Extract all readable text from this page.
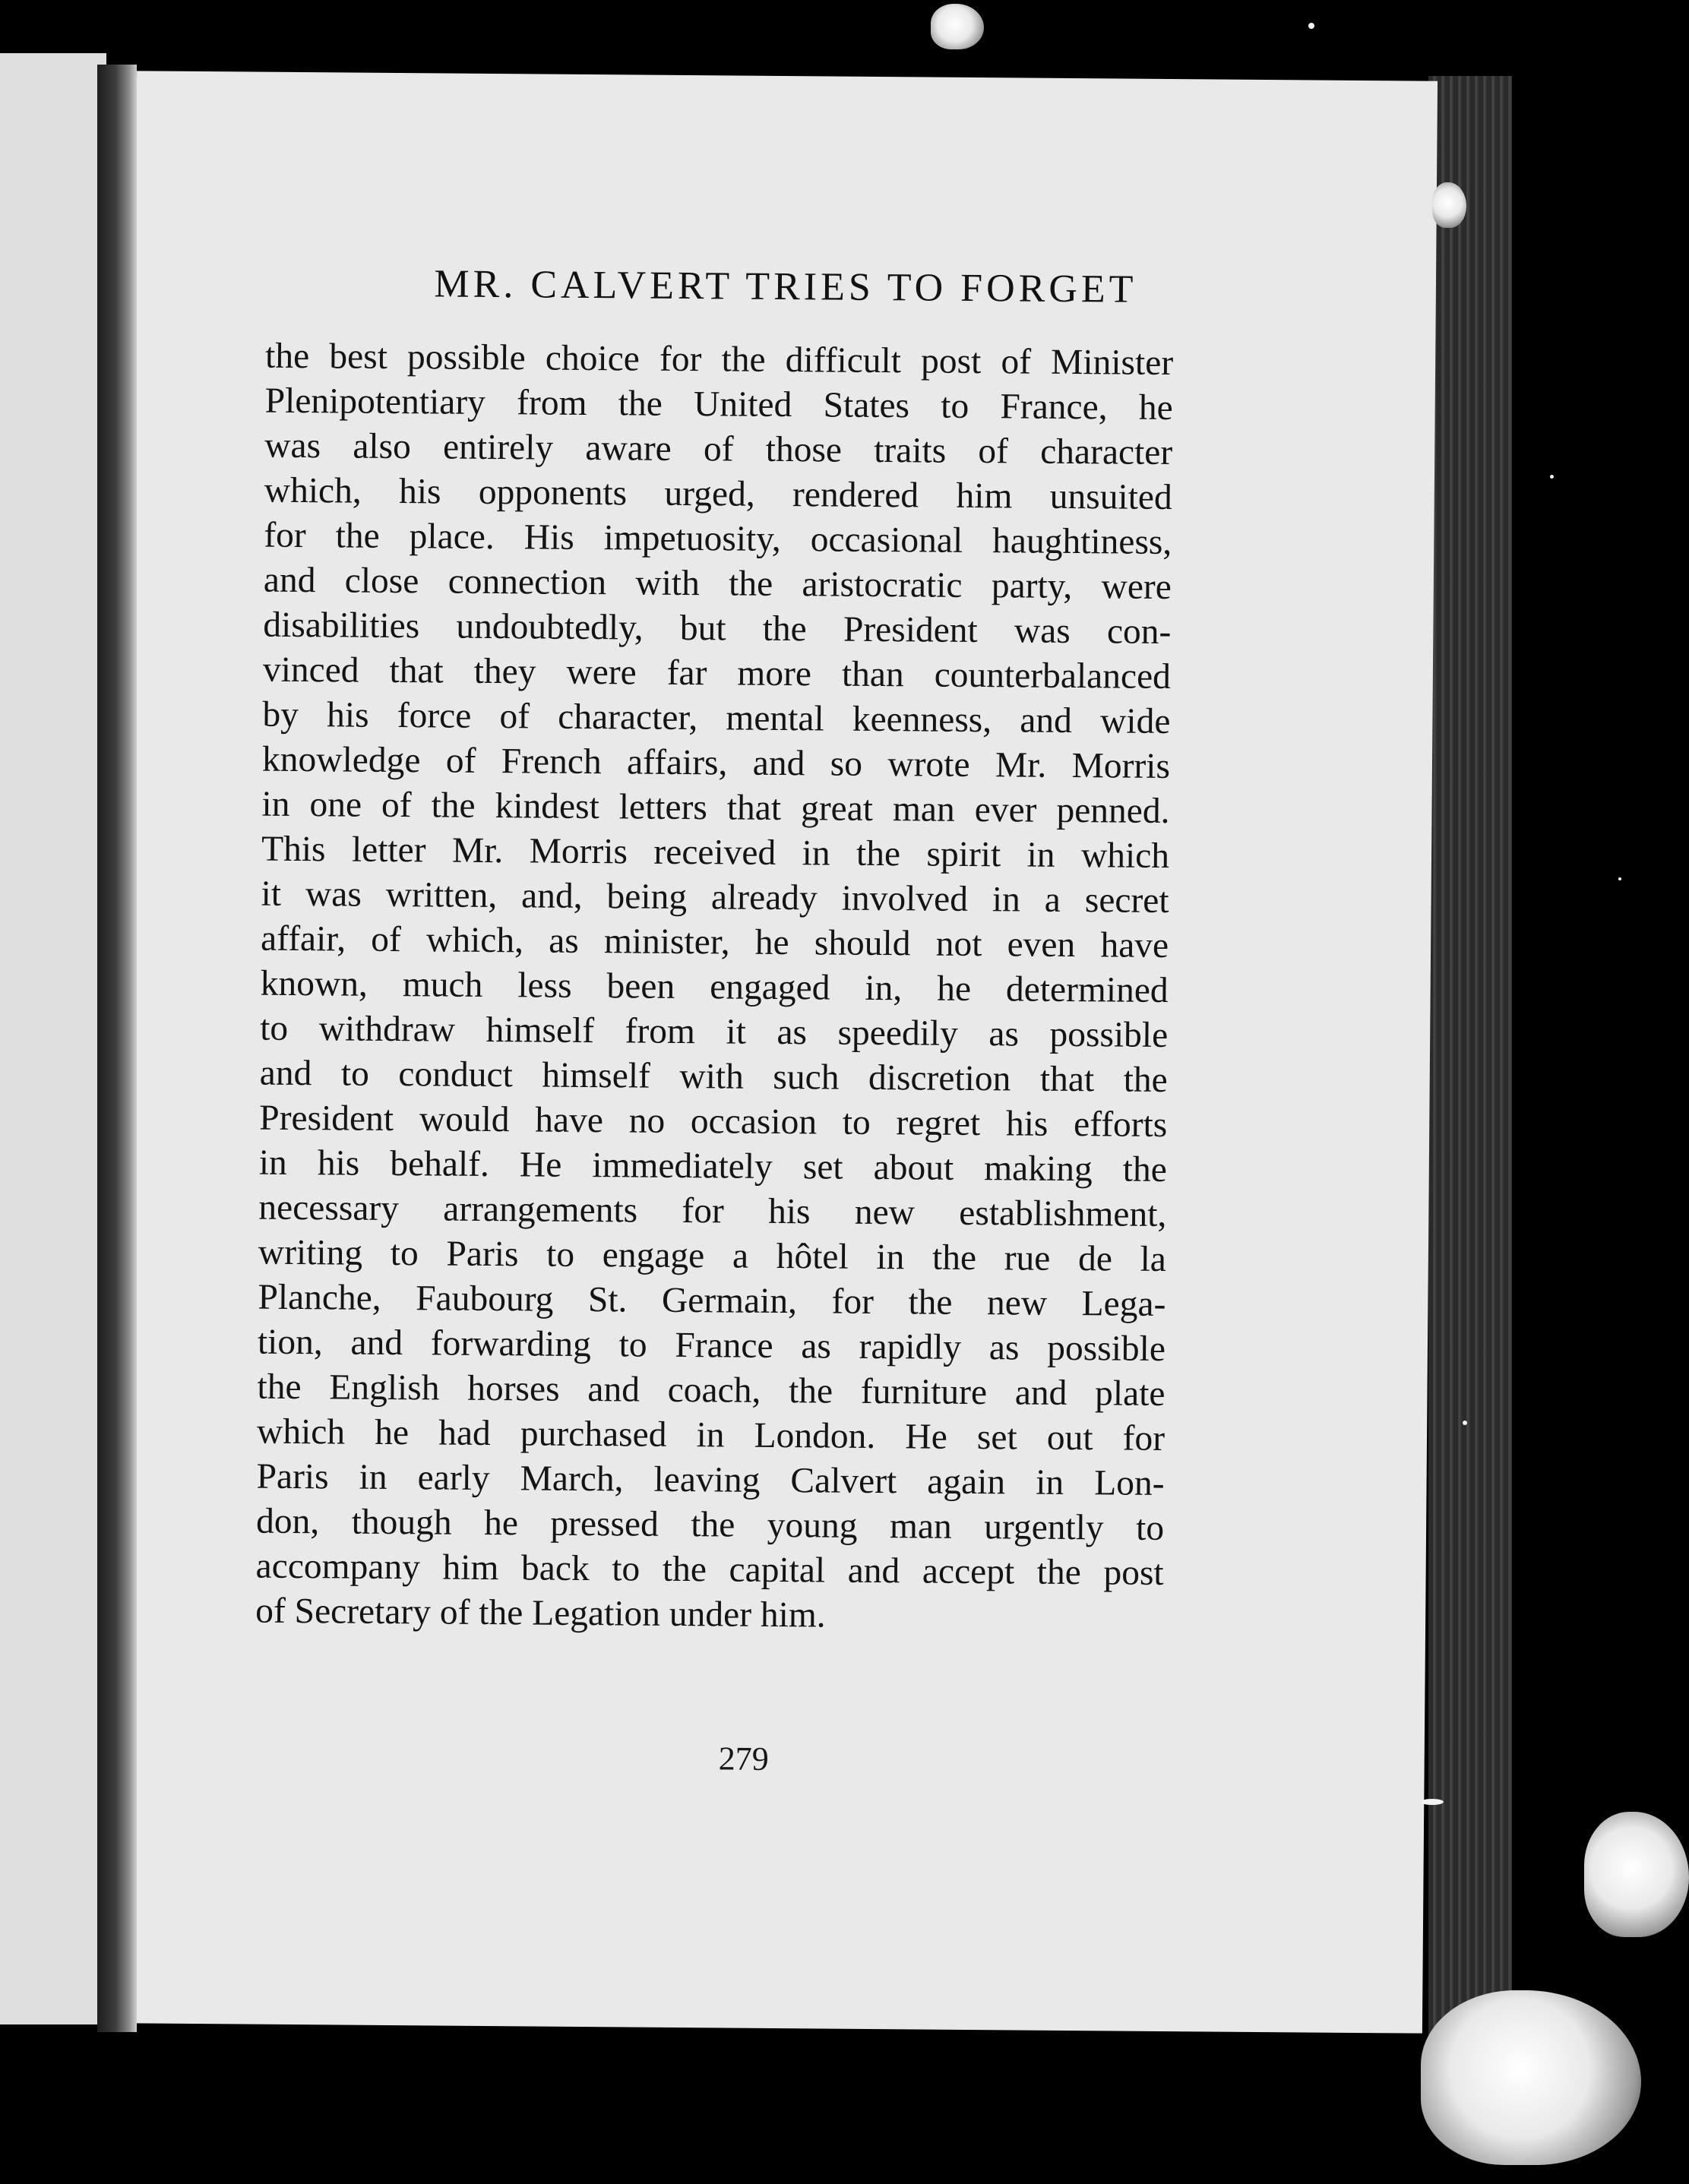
MR. CALVERT TRIES TO FORGET
the best possible choice for the difficult post of Minister
Plenipotentiary from the United States to France, he
was also entirely aware of those traits of character
which, his opponents urged, rendered him unsuited
for the place. His impetuosity, occasional haughtiness,
and close connection with the aristocratic party, were
disabilities undoubtedly, but the President was con-
vinced that they were far more than counterbalanced
by his force of character, mental keenness, and wide
knowledge of French affairs, and so wrote Mr. Morris
in one of the kindest letters that great man ever penned.
This letter Mr. Morris received in the spirit in which
it was written, and, being already involved in a secret
affair, of which, as minister, he should not even have
known, much less been engaged in, he determined
to withdraw himself from it as speedily as possible
and to conduct himself with such discretion that the
President would have no occasion to regret his efforts
in his behalf. He immediately set about making the
necessary arrangements for his new establishment,
writing to Paris to engage a hôtel in the rue de la
Planche, Faubourg St. Germain, for the new Lega-
tion, and forwarding to France as rapidly as possible
the English horses and coach, the furniture and plate
which he had purchased in London. He set out for
Paris in early March, leaving Calvert again in Lon-
don, though he pressed the young man urgently to
accompany him back to the capital and accept the post
of Secretary of the Legation under him.
279
